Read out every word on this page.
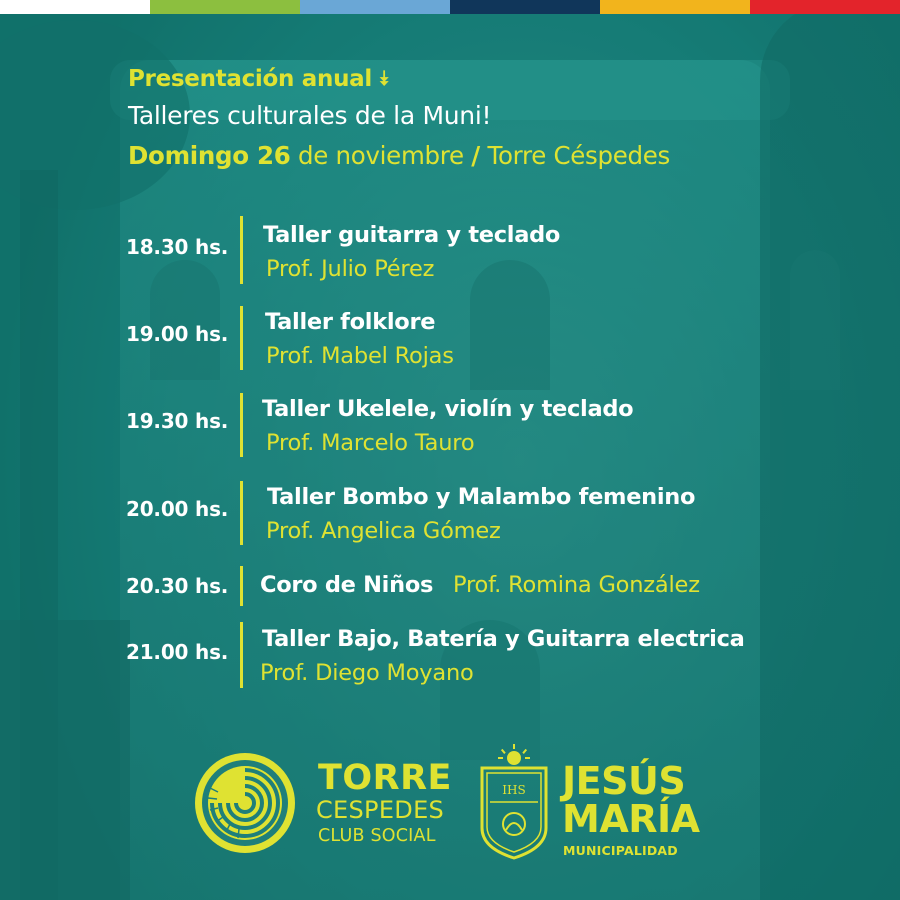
Presentación anual ⯯
Talleres culturales de la Muni!
Domingo 26 de noviembre / Torre Céspedes
18.30 hs. Taller guitarra y teclado
Prof. Julio Pérez
19.00 hs. Taller folklore
Prof. Mabel Rojas
19.30 hs. Taller Ukelele, violín y teclado
Prof. Marcelo Tauro
20.00 hs. Taller Bombo y Malambo femenino
Prof. Angelica Gómez
20.30 hs. Coro de Niños Prof. Romina González
21.00 hs. Taller Bajo, Batería y Guitarra electrica
Prof. Diego Moyano
TORRE
CESPEDES
CLUB SOCIAL
IHS JESÚS
MARÍA
MUNICIPALIDAD
